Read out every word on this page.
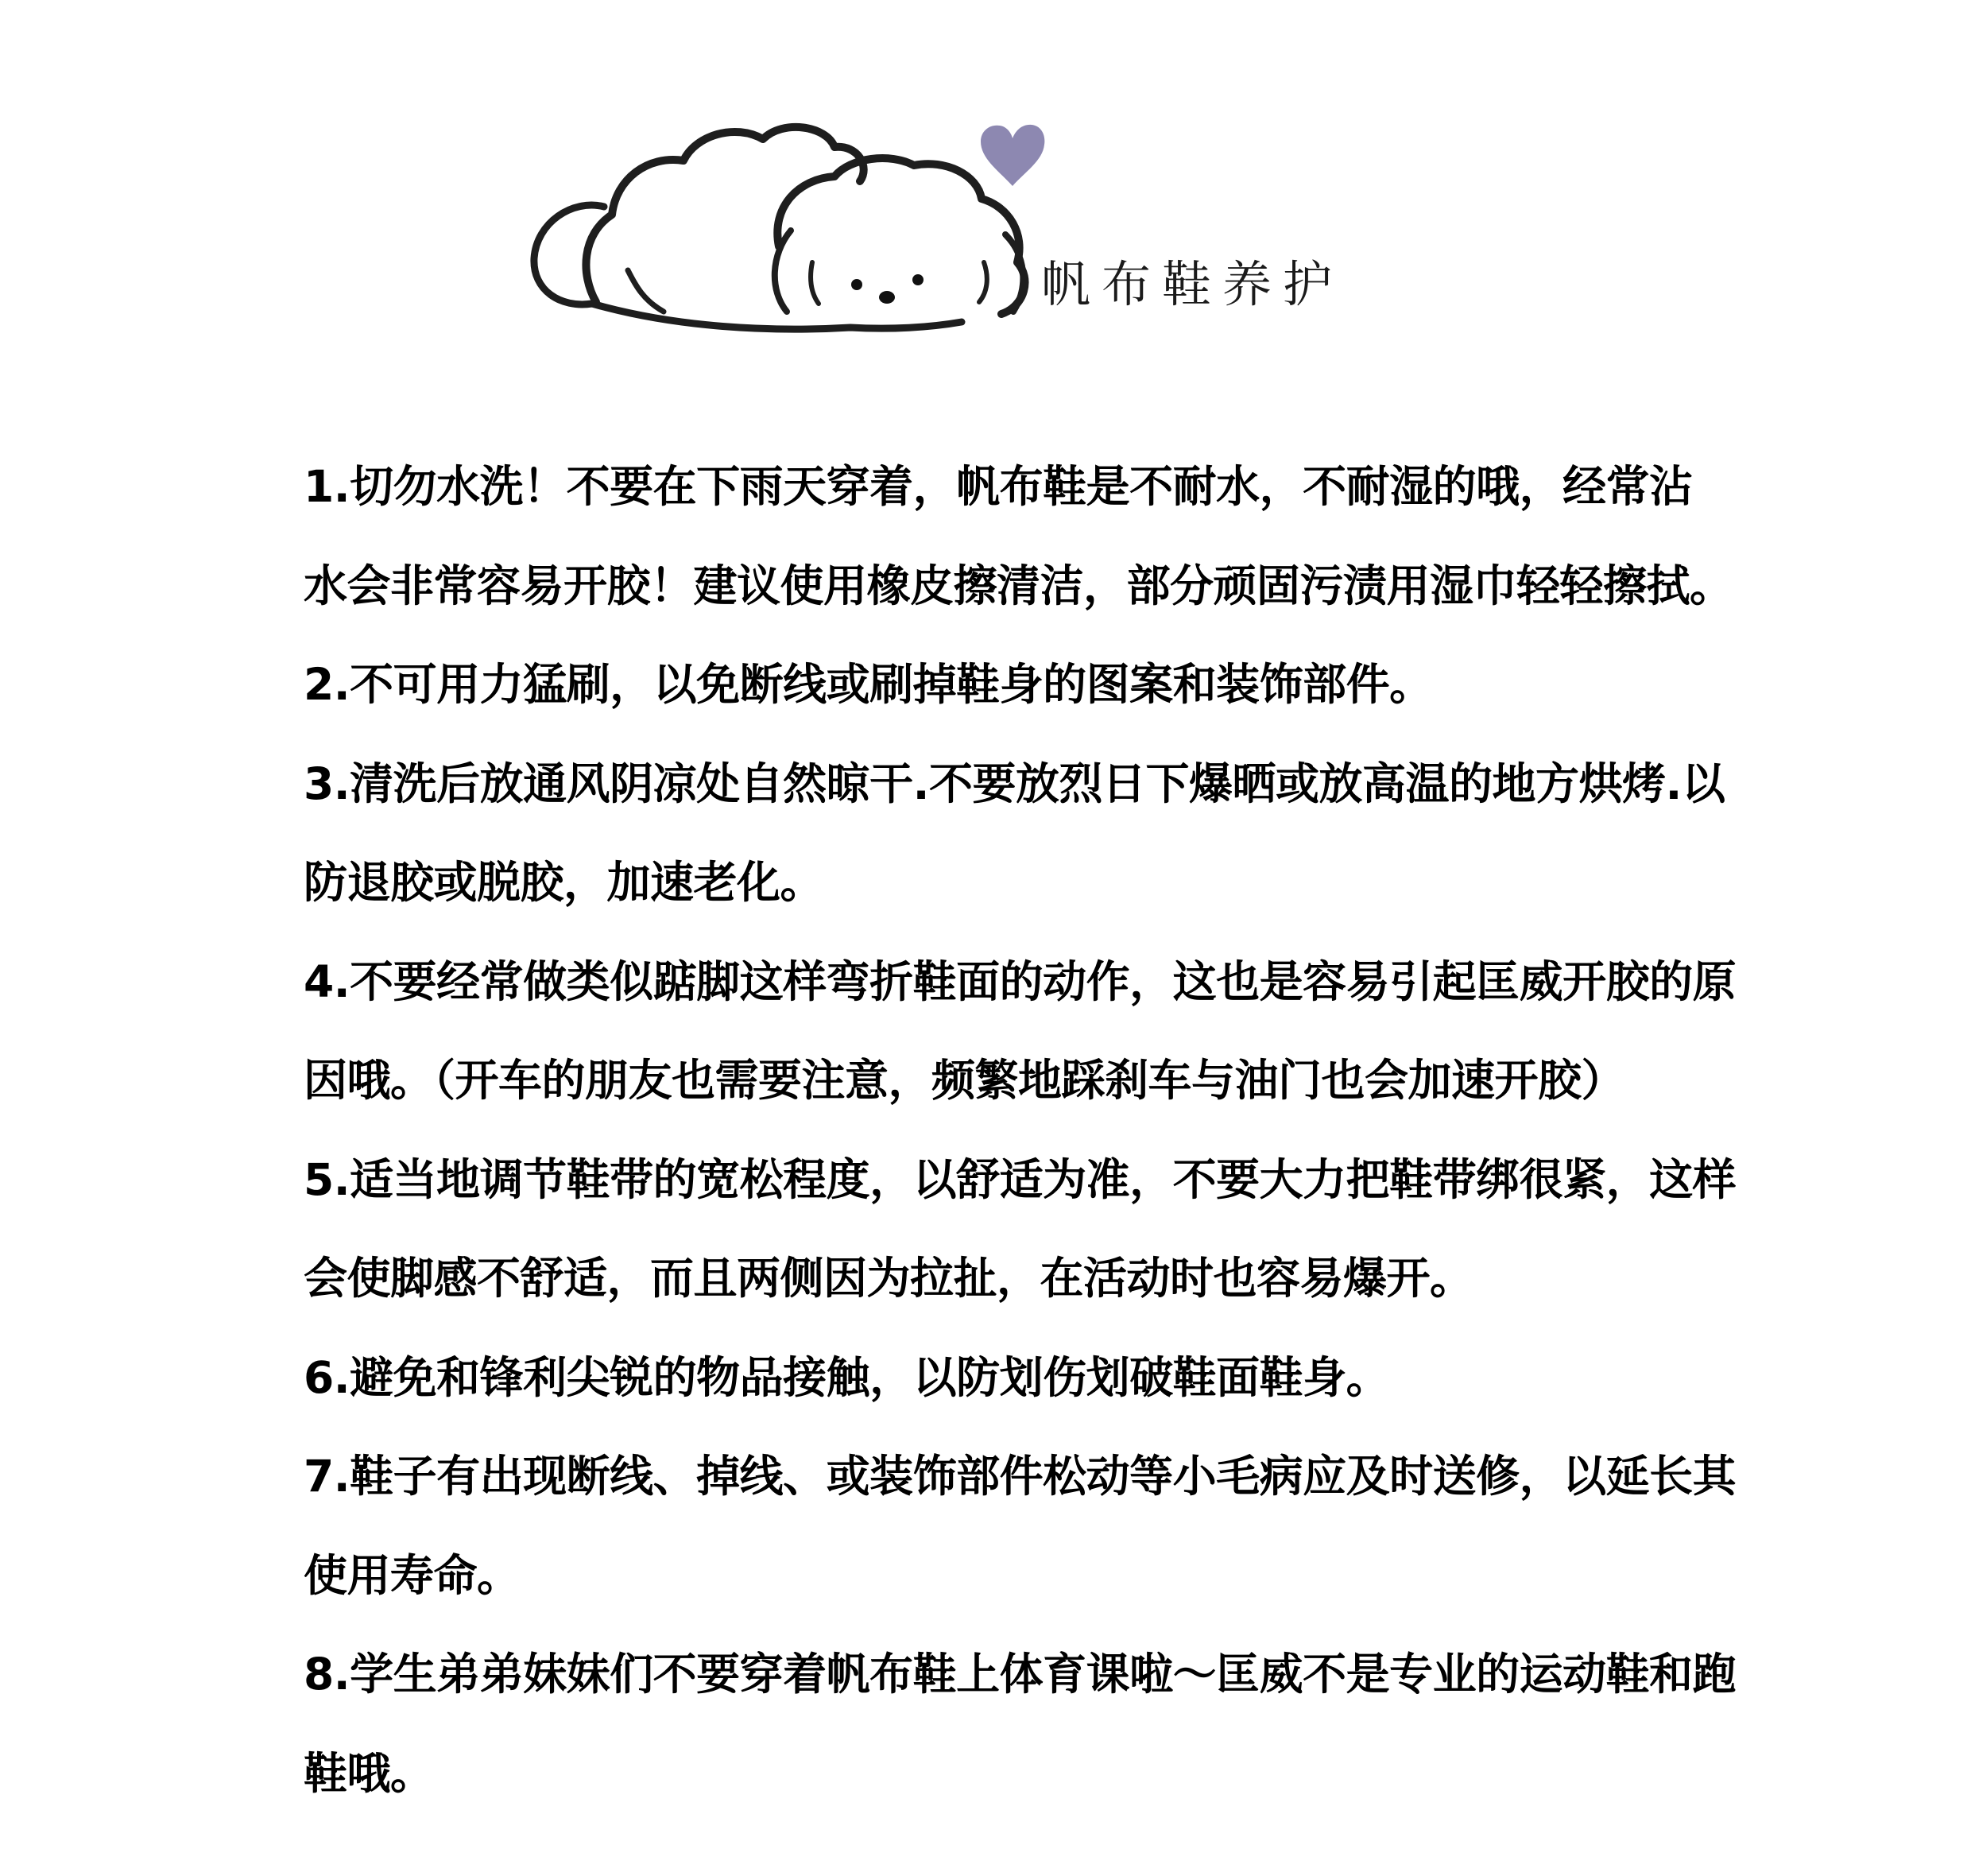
帆布鞋养护
1.切勿水洗！不要在下雨天穿着，帆布鞋是不耐水，不耐湿的哦，经常沾
水会非常容易开胶！建议使用橡皮擦清洁，部分顽固污渍用湿巾轻轻擦拭。
2.不可用力猛刷，以免断线或刷掉鞋身的图案和装饰部件。
3.清洗后放通风阴凉处自然晾干.不要放烈日下爆晒或放高温的地方烘烤.以
防退胶或脱胶，加速老化。
4.不要经常做类似踮脚这样弯折鞋面的动作，这也是容易引起匡威开胶的原
因哦。（开车的朋友也需要注意，频繁地踩刹车与油门也会加速开胶）
5.适当地调节鞋带的宽松程度，以舒适为准，不要大力把鞋带绑很紧，这样
会使脚感不舒适，而且两侧因为拉扯，在活动时也容易爆开。
6.避免和锋利尖锐的物品接触，以防划伤划破鞋面鞋身。
7.鞋子有出现断线、掉线、或装饰部件松动等小毛病应及时送修，以延长其
使用寿命。
8.学生弟弟妹妹们不要穿着帆布鞋上体育课啦～匡威不是专业的运动鞋和跑
鞋哦。
